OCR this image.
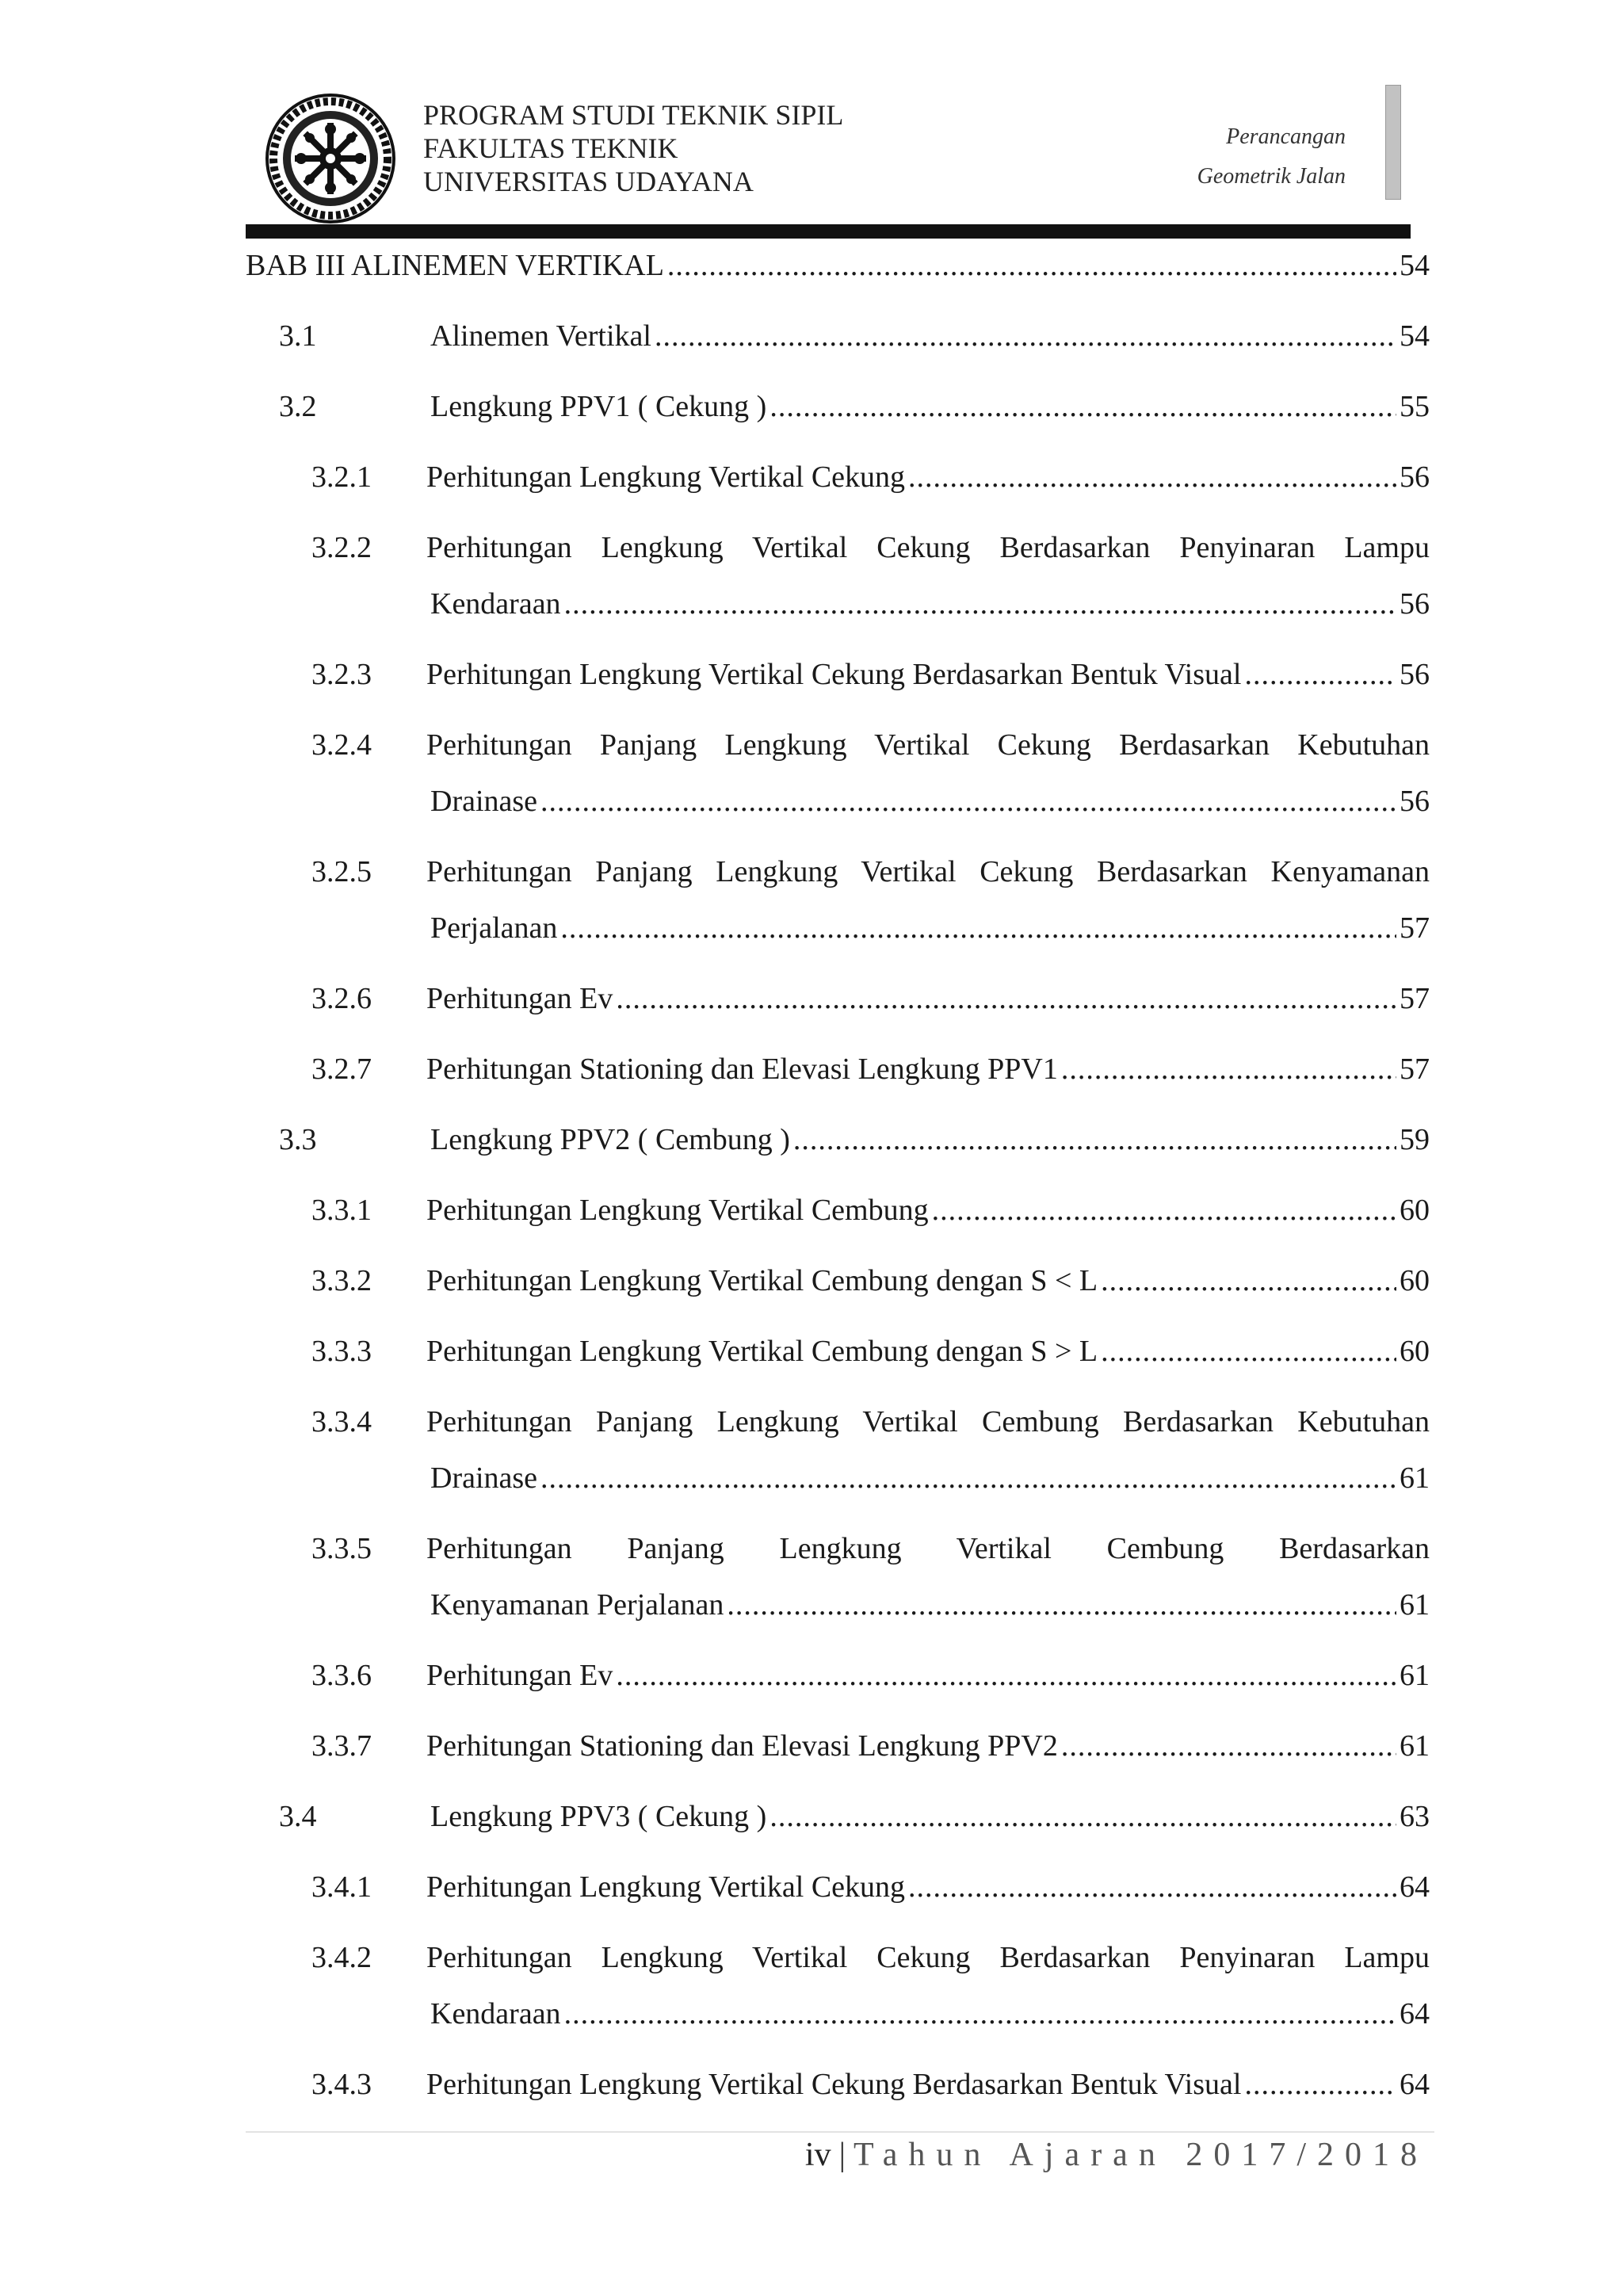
PROGRAM STUDI TEKNIK SIPIL
FAKULTAS TEKNIK
UNIVERSITAS UDAYANA
Perancangan
Geometrik Jalan
BAB III ALINEMEN VERTIKAL .....	54
3.1	Alinemen Vertikal .....	54
3.2	Lengkung PPV1 ( Cekung ) .....	55
3.2.1 Perhitungan Lengkung Vertikal Cekung .....	56
3.2.2 Perhitungan Lengkung Vertikal Cekung Berdasarkan Penyinaran Lampu
Kendaraan .....	56
3.2.3 Perhitungan Lengkung Vertikal Cekung Berdasarkan Bentuk Visual .....	56
3.2.4 Perhitungan Panjang Lengkung Vertikal Cekung Berdasarkan Kebutuhan
Drainase .....	56
3.2.5 Perhitungan Panjang Lengkung Vertikal Cekung Berdasarkan Kenyamanan
Perjalanan .....	57
3.2.6 Perhitungan Ev .....	57
3.2.7 Perhitungan Stationing dan Elevasi Lengkung PPV1 .....	57
3.3	Lengkung PPV2 ( Cembung ) .....	59
3.3.1 Perhitungan Lengkung Vertikal Cembung .....	60
3.3.2 Perhitungan Lengkung Vertikal Cembung dengan S < L .....	60
3.3.3 Perhitungan Lengkung Vertikal Cembung dengan S > L .....	60
3.3.4 Perhitungan Panjang Lengkung Vertikal Cembung Berdasarkan Kebutuhan
Drainase .....	61
3.3.5 Perhitungan Panjang Lengkung Vertikal Cembung Berdasarkan
Kenyamanan Perjalanan .....	61
3.3.6 Perhitungan Ev .....	61
3.3.7 Perhitungan Stationing dan Elevasi Lengkung PPV2 .....	61
3.4	Lengkung PPV3 ( Cekung ) .....	63
3.4.1 Perhitungan Lengkung Vertikal Cekung .....	64
3.4.2 Perhitungan Lengkung Vertikal Cekung Berdasarkan Penyinaran Lampu
Kendaraan .....	64
3.4.3 Perhitungan Lengkung Vertikal Cekung Berdasarkan Bentuk Visual .....	64
iv | Tahun Ajaran 2017/2018
